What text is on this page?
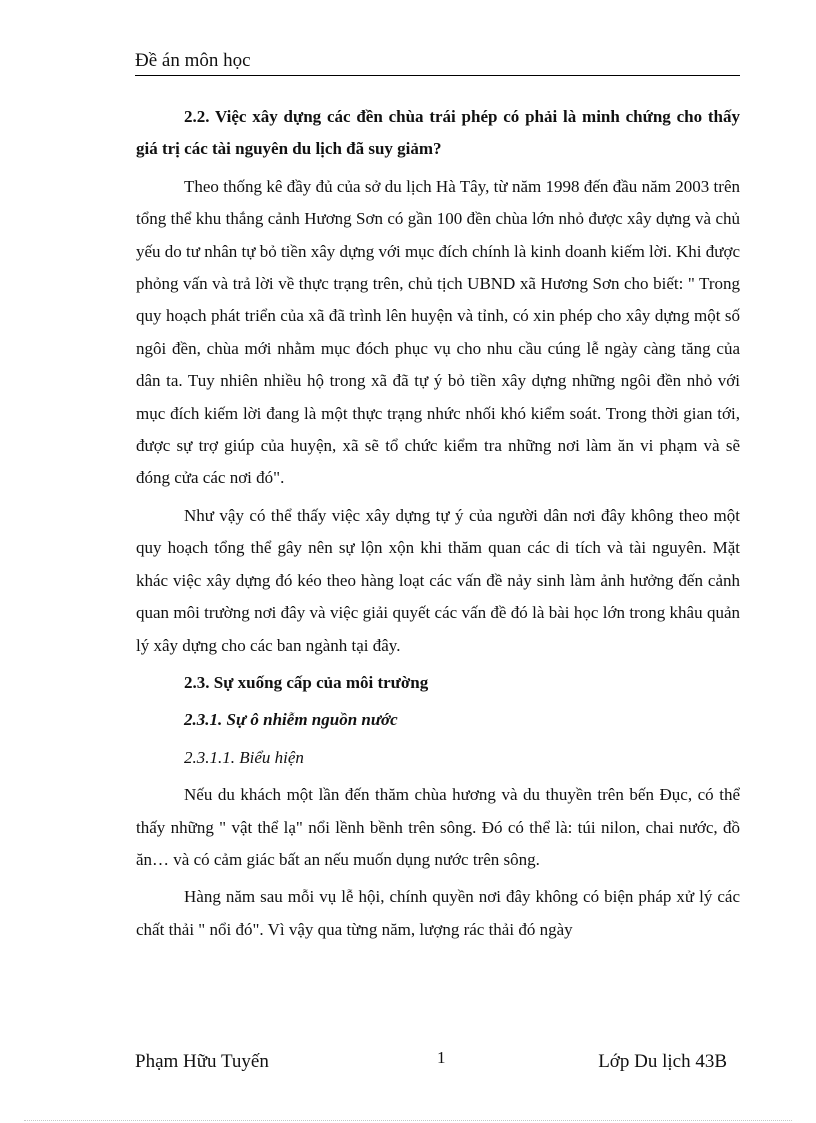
Đề án môn học

2.2. Việc xây dựng các đền chùa trái phép có phải là minh chứng cho thấy giá trị các tài nguyên du lịch đã suy giảm?

Theo thống kê đầy đủ của sở du lịch Hà Tây, từ năm 1998 đến đầu năm 2003 trên tổng thể khu thắng cảnh Hương Sơn có gần 100 đền chùa lớn nhỏ được xây dựng và chủ yếu do tư nhân tự bỏ tiền xây dựng với mục đích chính là kinh doanh kiếm lời. Khi được phỏng vấn và trả lời về thực trạng trên, chủ tịch UBND xã Hương Sơn cho biết: " Trong quy hoạch phát triển của xã đã trình lên huyện và tỉnh, có xin phép cho xây dựng một số ngôi đền, chùa mới nhằm mục đóch phục vụ cho nhu cầu cúng lễ ngày càng tăng của dân ta. Tuy nhiên nhiều hộ trong xã đã tự ý bỏ tiền xây dựng những ngôi đền nhỏ với mục đích kiếm lời đang là một thực trạng nhức nhối khó kiểm soát. Trong thời gian tới, được sự trợ giúp của huyện, xã sẽ tổ chức kiểm tra những nơi làm ăn vi phạm và sẽ đóng cửa các nơi đó".

Như vậy có thể thấy việc xây dựng tự ý của người dân nơi đây không theo một quy hoạch tổng thể gây nên sự lộn xộn khi thăm quan các di tích và tài nguyên. Mặt khác việc xây dựng đó kéo theo hàng loạt các vấn đề nảy sinh làm ảnh hưởng đến cảnh quan môi trường nơi đây và việc giải quyết các vấn đề đó là bài học lớn trong khâu quản lý xây dựng cho các ban ngành tại đây.

2.3. Sự xuống cấp của môi trường

2.3.1. Sự ô nhiễm nguồn nước

2.3.1.1. Biểu hiện

Nếu du khách một lần đến thăm chùa hương và du thuyền trên bến Đục, có thể thấy những " vật thể lạ" nổi lềnh bềnh trên sông. Đó có thể là: túi nilon, chai nước, đồ ăn… và có cảm giác bất an nếu muốn dụng nước trên sông.

Hàng năm sau mỗi vụ lễ hội, chính quyền nơi đây không có biện pháp xử lý các chất thải " nổi đó". Vì vậy qua từng năm, lượng rác thải đó ngày

Phạm Hữu Tuyến	1	Lớp Du lịch 43B
